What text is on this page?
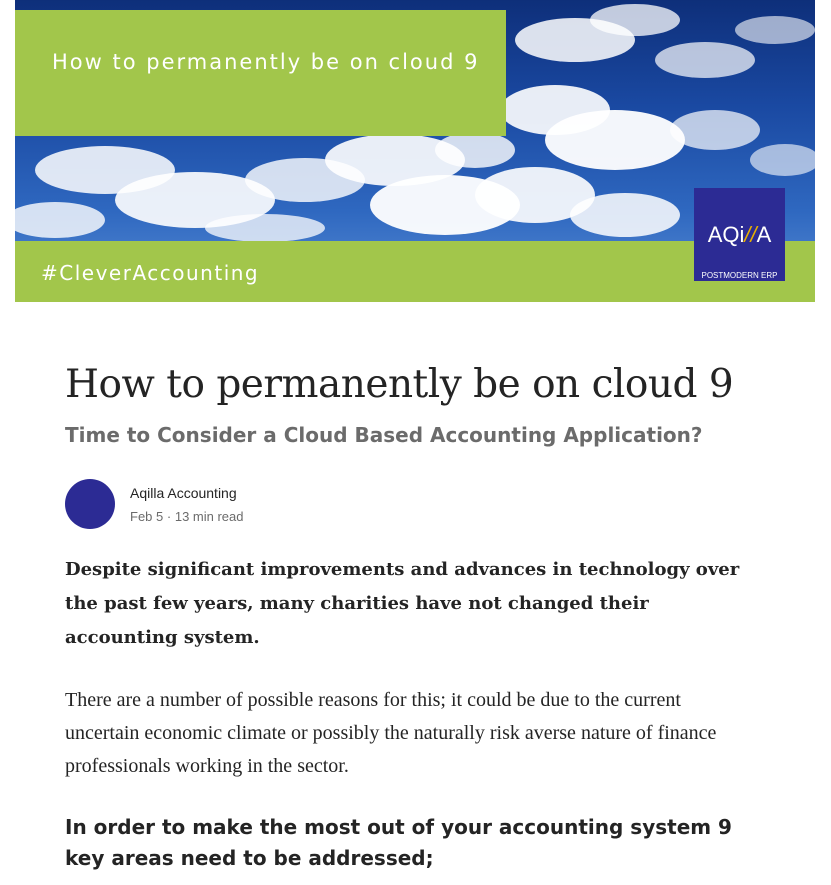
How to permanently be on cloud 9
#CleverAccounting
AQi//A
POSTMODERN ERP
How to permanently be on cloud 9
Time to Consider a Cloud Based Accounting Application?
Aqilla Accounting
Feb 5 · 13 min read

Despite significant improvements and advances in technology over the past few years, many charities have not changed their accounting system.

There are a number of possible reasons for this; it could be due to the current uncertain economic climate or possibly the naturally risk averse nature of finance professionals working in the sector.

In order to make the most out of your accounting system 9 key areas need to be addressed;
